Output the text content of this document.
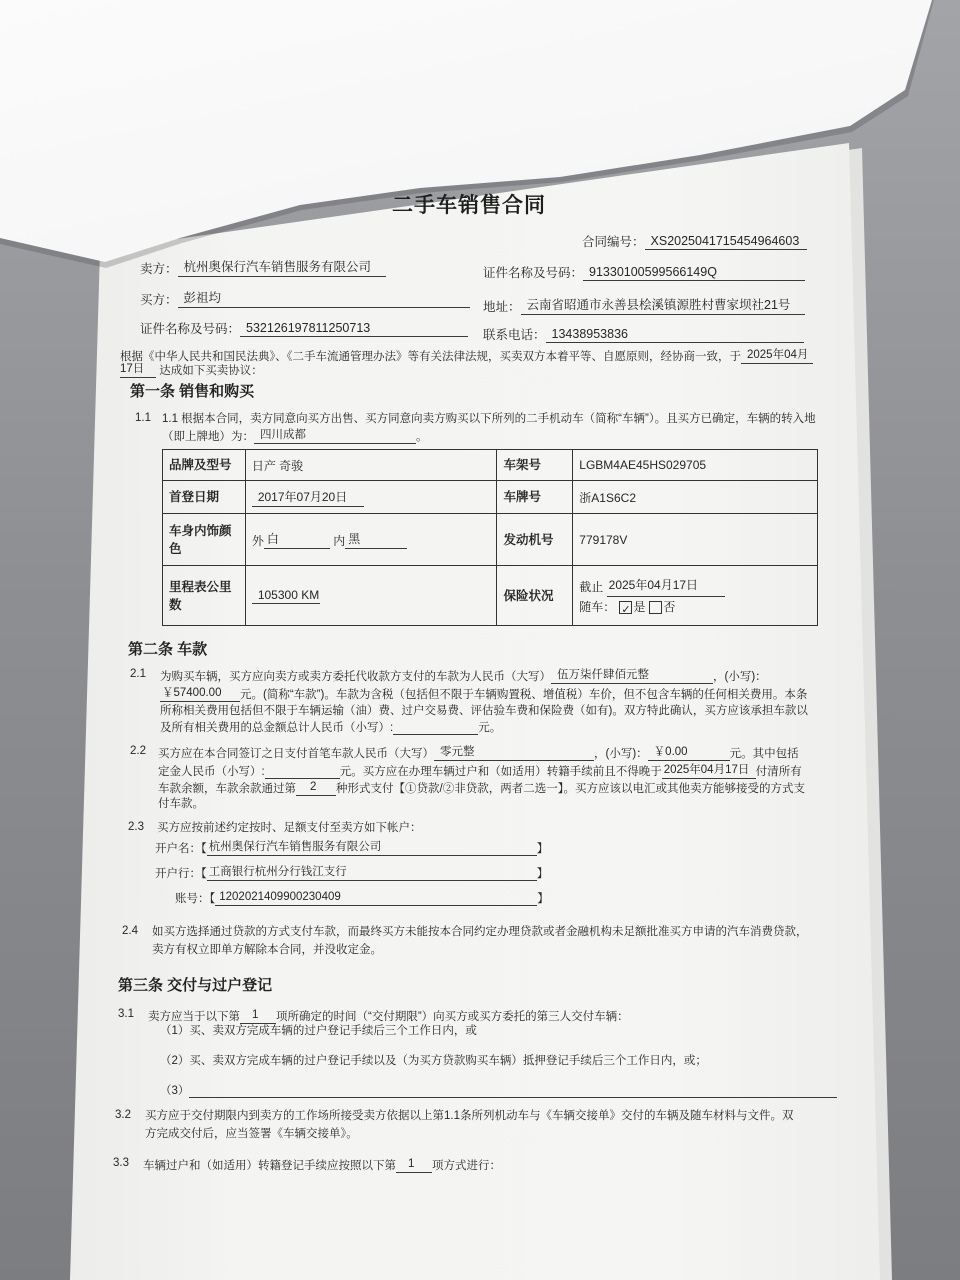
二手车销售合同
合同编号： XS2025041715454964603
卖方： 杭州奥保行汽车销售服务有限公司	证件名称及号码： 91330100599566149Q
买方： 彭祖均
地址： 云南省昭通市永善县桧溪镇源胜村曹家坝社21号
证件名称及号码： 532126197811250713	联系电话： 13438953836
根据《中华人民共和国民法典》、《二手车流通管理办法》等有关法律法规，买卖双方本着平等、自愿原则，经协商一致，于 2025年04月
17日 达成如下买卖协议：
第一条 销售和购买
1.1 1.1 根据本合同，卖方同意向买方出售、买方同意向卖方购买以下所列的二手机动车（简称“车辆”）。且买方已确定，车辆的转入地
（即上牌地）为： 四川成都	。
品牌及型号	日产 奇骏	车架号	LGBM4AE45HS029705
首登日期	2017年07月20日	车牌号	浙A1S6C2
车身内饰颜色	外 白 内 黑	发动机号	779178V
里程表公里数	105300 KM	保险状况	截止 2025年04月17日
随车： ✓ 是 否
第二条 车款
2.1 为购买车辆，买方应向卖方或卖方委托代收款方支付的车款为人民币（大写） 伍万柒仟肆佰元整	，(小写)：
￥57400.00 元。(简称“车款”)。车款为含税（包括但不限于车辆购置税、增值税）车价，但不包含车辆的任何相关费用。本条
所称相关费用包括但不限于车辆运输（油）费、过户交易费、评估验车费和保险费（如有)。双方特此确认，买方应该承担车款以
及所有相关费用的总金额总计人民币（小写）:	元。
2.2 买方应在本合同签订之日支付首笔车款人民币（大写） 零元整	，(小写)： ￥0.00	元。其中包括
定金人民币（小写）:	元。买方应在办理车辆过户和（如适用）转籍手续前且不得晚于 2025年04月17日 付清所有
车款余额，车款余款通过第 2 种形式支付【①贷款/②非贷款，两者二选一】。买方应该以电汇或其他卖方能够接受的方式支
付车款。
2.3 买方应按前述约定按时、足额支付至卖方如下帐户：
开户名：【 杭州奥保行汽车销售服务有限公司	】
开户行：【 工商银行杭州分行钱江支行	】
账号：【 1202021409900230409	】
2.4 如买方选择通过贷款的方式支付车款，而最终买方未能按本合同约定办理贷款或者金融机构未足额批准买方申请的汽车消费贷款，
卖方有权立即单方解除本合同，并没收定金。
第三条 交付与过户登记
3.1 卖方应当于以下第 1 项所确定的时间（“交付期限”）向买方或买方委托的第三人交付车辆：
（1）买、卖双方完成车辆的过户登记手续后三个工作日内，或
（2）买、卖双方完成车辆的过户登记手续以及（为买方贷款购买车辆）抵押登记手续后三个工作日内，或；
（3）
3.2 买方应于交付期限内到卖方的工作场所接受卖方依据以上第1.1条所列机动车与《车辆交接单》交付的车辆及随车材料与文件。双
方完成交付后，应当签署《车辆交接单》。
3.3 车辆过户和（如适用）转籍登记手续应按照以下第 1 项方式进行：
